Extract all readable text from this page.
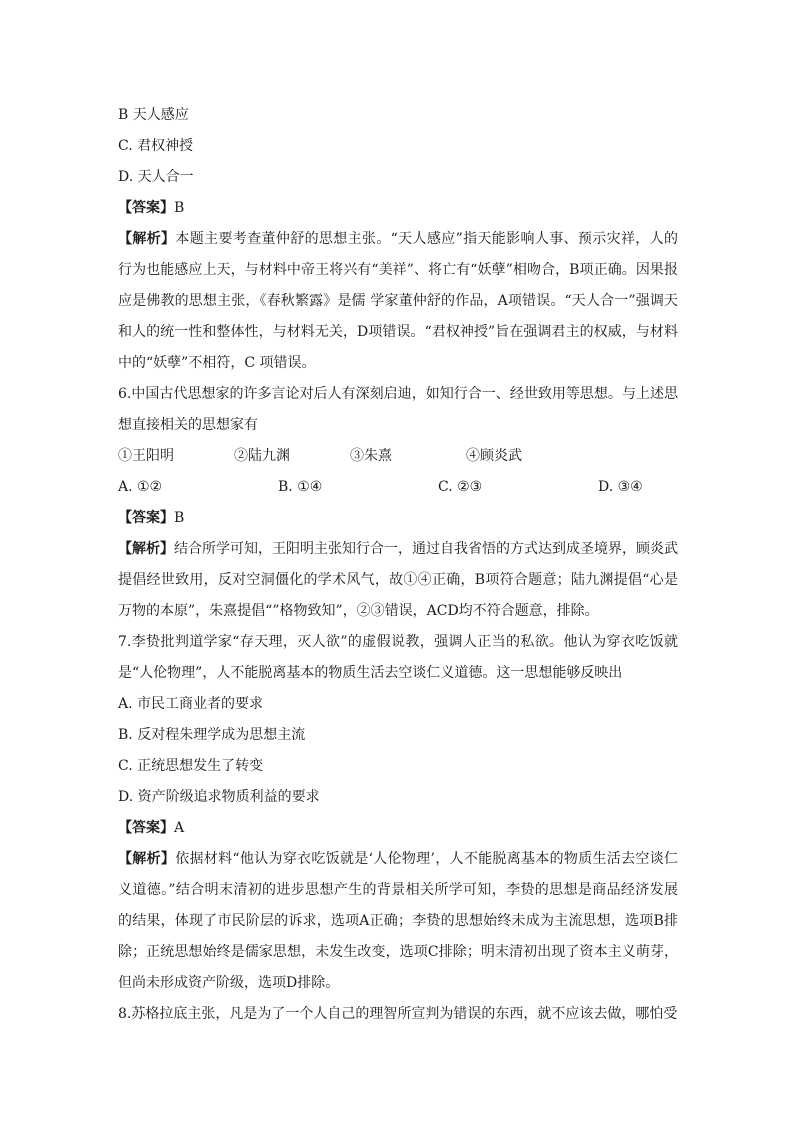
B 天人感应
C. 君权神授
D. 天人合一
【答案】B
【解析】本题主要考查董仲舒的思想主张。“天人感应”指天能影响人事、预示灾祥，人的行为也能感应上天，与材料中帝王将兴有“美祥”、将亡有“妖孽”相吻合，B项正确。因果报应是佛教的思想主张，《春秋繁露》是儒 学家董仲舒的作品，A项错误。“天人合一”强调天和人的统一性和整体性，与材料无关，D项错误。“君权神授”旨在强调君主的权威，与材料中的“妖孽”不相符，C 项错误。
6.中国古代思想家的许多言论对后人有深刻启迪，如知行合一、经世致用等思想。与上述思想直接相关的思想家有
①王阳明	②陆九渊	③朱熹	④顾炎武
A. ①②	B. ①④	C. ②③	D. ③④
【答案】B
【解析】结合所学可知，王阳明主张知行合一，通过自我省悟的方式达到成圣境界，顾炎武提倡经世致用，反对空洞僵化的学术风气，故①④正确，B项符合题意；陆九渊提倡“心是万物的本原”，朱熹提倡“”格物致知”，②③错误，ACD均不符合题意，排除。
7.李贽批判道学家“存天理，灭人欲”的虚假说教，强调人正当的私欲。他认为穿衣吃饭就是“人伦物理”，人不能脱离基本的物质生活去空谈仁义道德。这一思想能够反映出
A. 市民工商业者的要求
B. 反对程朱理学成为思想主流
C. 正统思想发生了转变
D. 资产阶级追求物质利益的要求
【答案】A
【解析】依据材料“他认为穿衣吃饭就是‘人伦物理’，人不能脱离基本的物质生活去空谈仁义道德。”结合明末清初的进步思想产生的背景相关所学可知，李贽的思想是商品经济发展的结果，体现了市民阶层的诉求，选项A正确；李贽的思想始终未成为主流思想，选项B排除；正统思想始终是儒家思想，未发生改变，选项C排除；明末清初出现了资本主义萌芽，但尚未形成资产阶级，选项D排除。
8.苏格拉底主张，凡是为了一个人自己的理智所宣判为错误的东西，就不应该去做，哪怕受
